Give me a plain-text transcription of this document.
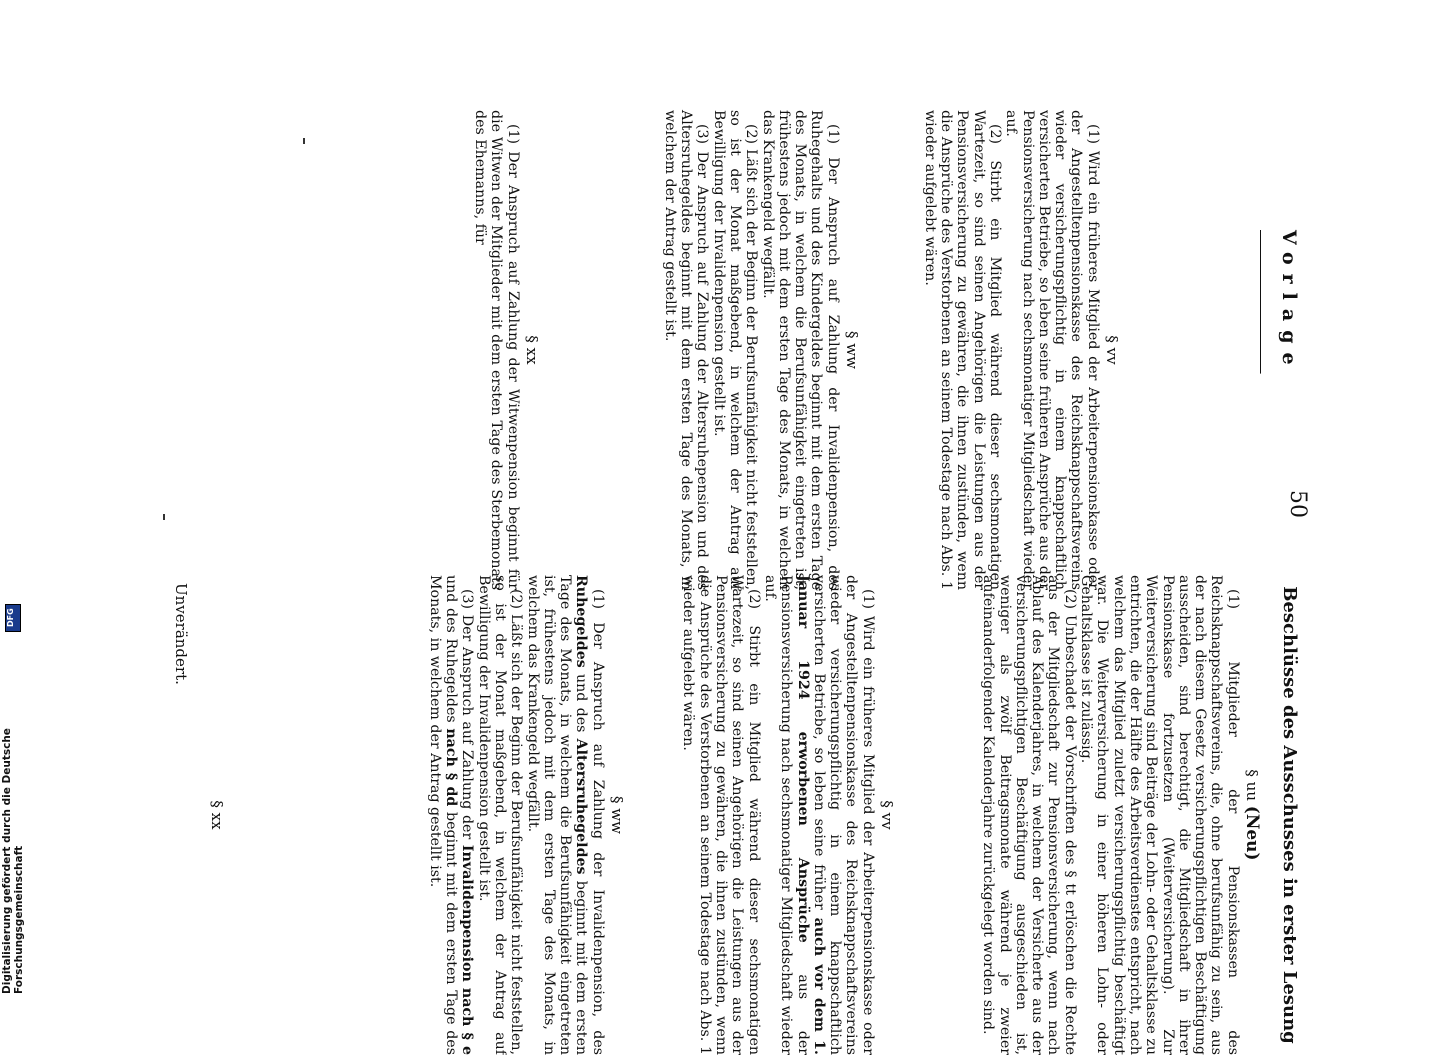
Vorlage
50
§ vv

(1) Wird ein früheres Mitglied der Arbeiterpensionskasse oder der Angestelltenpensionskasse des Reichsknappschaftsvereins wieder versicherungspflichtig in einem knappschaftlich versicherten Betriebe, so leben seine früheren Ansprüche aus der Pensionsversicherung nach sechsmonatiger Mitgliedschaft wieder auf.

(2) Stirbt ein Mitglied während dieser sechsmonatigen Wartezeit, so sind seinen Angehörigen die Leistungen aus der Pensionsversicherung zu gewähren, die ihnen zustünden, wenn die Ansprüche des Verstorbenen an seinem Todestage nach Abs. 1 wieder aufgelebt wären.

§ ww

(1) Der Anspruch auf Zahlung der Invalidenpension, des Ruhegehalts und des Kindergeldes beginnt mit dem ersten Tage des Monats, in welchem die Berufsunfähigkeit eingetreten ist, frühestens jedoch mit dem ersten Tage des Monats, in welchem das Krankengeld wegfällt.

(2) Läßt sich der Beginn der Berufsunfähigkeit nicht feststellen, so ist der Monat maßgebend, in welchem der Antrag auf Bewilligung der Invalidenpension gestellt ist.

(3) Der Anspruch auf Zahlung der Altersruhepension und des Altersruhegeldes beginnt mit dem ersten Tage des Monats, in welchem der Antrag gestellt ist.

§ xx

(1) Der Anspruch auf Zahlung der Witwenpension beginnt für die Witwen der Mitglieder mit dem ersten Tage des Sterbemonats des Ehemanns, für

Beschlüsse des Ausschusses in erster Lesung
§ uu (Neu)

(1) Mitglieder der Pensionskassen des Reichsknappschaftsvereins, die, ohne berufsunfähig zu sein, aus der nach diesem Gesetz versicherungspflichtigen Beschäftigung ausscheiden, sind berechtigt, die Mitgliedschaft in ihrer Pensionskasse fortzusetzen (Weiterversicherung). Zur Weiterversicherung sind Beiträge der Lohn- oder Gehaltsklasse zu entrichten, die der Hälfte des Arbeitsverdienstes entspricht, nach welchem das Mitglied zuletzt versicherungspflichtig beschäftigt war. Die Weiterversicherung in einer höheren Lohn- oder Gehaltsklasse ist zulässig.

(2) Unbeschadet der Vorschriften des § tt erlöschen die Rechte aus der Mitgliedschaft zur Pensionsversicherung, wenn nach Ablauf des Kalenderjahres, in welchem der Versicherte aus der versicherungspflichtigen Beschäftigung ausgeschieden ist, weniger als zwölf Beitragsmonate während je zweier aufeinanderfolgender Kalenderjahre zurückgelegt worden sind.

§ vv

(1) Wird ein früheres Mitglied der Arbeiterpensionskasse oder der Angestelltenpensionskasse des Reichsknappschaftsvereins wieder versicherungspflichtig in einem knappschaftlich versicherten Betriebe, so leben seine früher auch vor dem 1. Januar 1924 erworbenen Ansprüche aus der Pensionsversicherung nach sechsmonatiger Mitgliedschaft wieder auf.

(2) Stirbt ein Mitglied während dieser sechsmonatigen Wartezeit, so sind seinen Angehörigen die Leistungen aus der Pensionsversicherung zu gewähren, die ihnen zustünden, wenn die Ansprüche des Verstorbenen an seinem Todestage nach Abs. 1 wieder aufgelebt wären.

§ ww

(1) Der Anspruch auf Zahlung der Invalidenpension, des Ruhegeldes und des Altersruhegeldes beginnt mit dem ersten Tage des Monats, in welchem die Berufsunfähigkeit eingetreten ist, frühestens jedoch mit dem ersten Tage des Monats, in welchem das Krankengeld wegfällt.

(2) Läßt sich der Beginn der Berufsunfähigkeit nicht feststellen, so ist der Monat maßgebend, in welchem der Antrag auf Bewilligung der Invalidenpension gestellt ist.

(3) Der Anspruch auf Zahlung der Invalidenpension nach § e und des Ruhegeldes nach § dd beginnt mit dem ersten Tage des Monats, in welchem der Antrag gestellt ist.

§ xx
Unverändert.
Digitalisierung gefördert durch die Deutsche Forschungsgemeinschaft
DFG
